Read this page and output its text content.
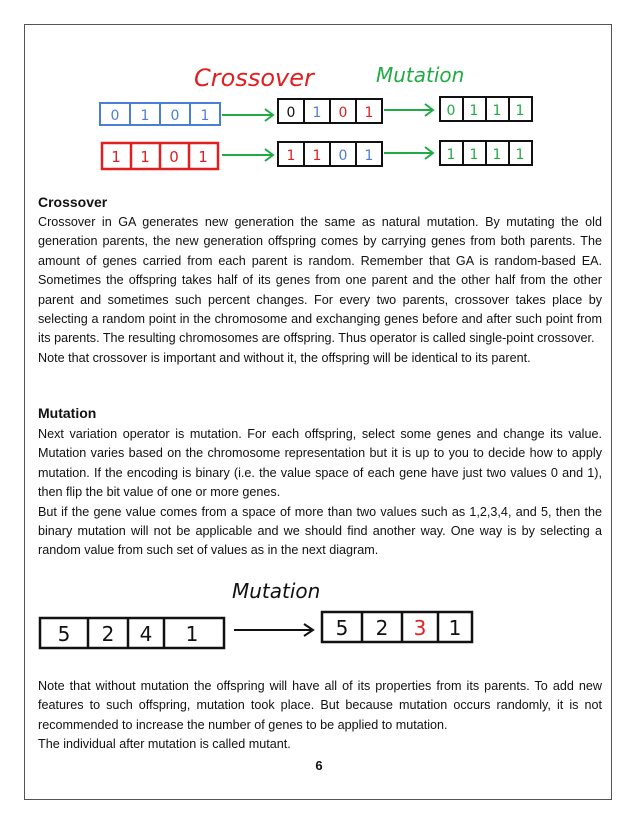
Crossover	Mutation
0 1 0 1
1 1 0 1
0 1 0 1
1 1 0 1
0 1 1 1
1 1 1 1
Crossover

Crossover in GA generates new generation the same as natural mutation. By mutating the old generation parents, the new generation offspring comes by carrying genes from both parents. The amount of genes carried from each parent is random. Remember that GA is random-based EA. Sometimes the offspring takes half of its genes from one parent and the other half from the other parent and sometimes such percent changes. For every two parents, crossover takes place by selecting a random point in the chromosome and exchanging genes before and after such point from its parents. The resulting chromosomes are offspring. Thus operator is called single-point crossover.

Note that crossover is important and without it, the offspring will be identical to its parent.

Mutation

Next variation operator is mutation. For each offspring, select some genes and change its value. Mutation varies based on the chromosome representation but it is up to you to decide how to apply mutation. If the encoding is binary (i.e. the value space of each gene have just two values 0 and 1), then flip the bit value of one or more genes.

But if the gene value comes from a space of more than two values such as 1,2,3,4, and 5, then the binary mutation will not be applicable and we should find another way. One way is by selecting a random value from such set of values as in the next diagram.

Mutation
5 2 4 1	5 2 3 1

Note that without mutation the offspring will have all of its properties from its parents. To add new features to such offspring, mutation took place. But because mutation occurs randomly, it is not recommended to increase the number of genes to be applied to mutation.

The individual after mutation is called mutant.

6
